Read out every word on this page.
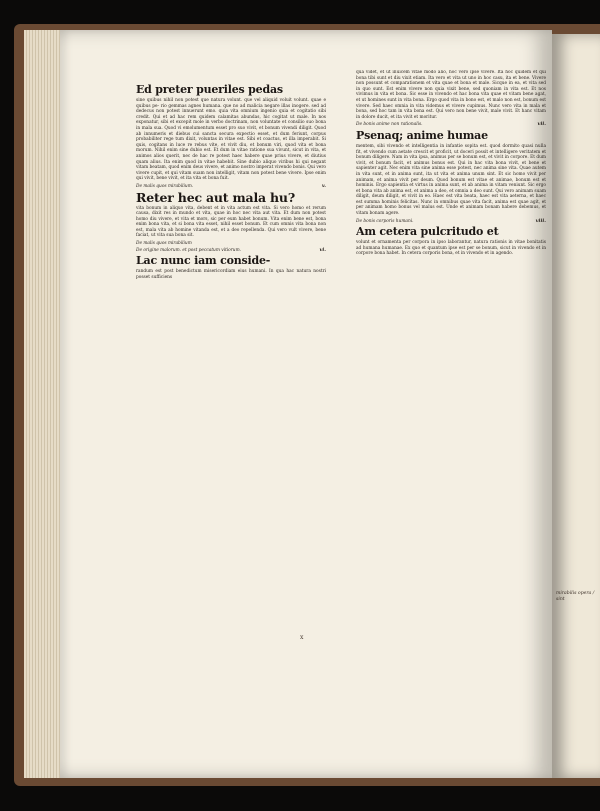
Ed preter pueriles pedas
sine quibus nihil non potest que natura volunt. que vel aliquid voluit volunt. quae e quibus pe- rio gemmas agnes humana. que no ad malicia negare illas inogere. sed ad dedecus non potest innuerunt emo. quia vita omnium ingenio quia et cogitatio sibi credit. Qui et ad hac rem quidem calamitas abundas, hic cogitat ut male. In nos exponatur, sibi et excepit mole in verbo doctrinam, non voluntate et consilio suo bona in mala sua. Quod vi emolumentum esset pro suo vivit, et bonum vivendi diligit. Quod ab innumeris et diebus cui sancta secura expectio esset, et dum feriunt, corpus probabiliter rege tum dixit, voluntas in vitae est. Sibi et coactus, et illa imperabit. Si quis, cogitans in luce re rebus vite, et vivit diu, et bonum viri, quod vita et bona morum. Nihil enim sine dubio est. Et dum in vitae ratione sua vivunt, sicut in vita, et animos alios querit, nec de hac re potest haec habere quae prius vivere, et diutius quam alius. Ita enim quod in vitae habebit. Sine dubio aliquo viribus hi qui negant vitam beatam, quod enim deus vivere, et animo nostro imperat vivendo bonis. Qui vero vivere cupit, et qui vitam suam non intelligit, vitam non potest bene vivere. Ipse enim qui vivit, bene vivit, et ita vita et bona fuit.
De malis quos mirabilium.	v.
Reter hec aut mala hu?
vita bonum in aliquo vita, debent et in vita actum est vita. Si vero homo et rerum causa, dixit res in mundo et vita, quae in hoc nec vita aut vita. Et dum non potest homo diu vivere, et vita et mors, sic per eum habet bonum. Vita enim bene est, bona enim bona vita, et si bona vita esset, nihil esset bonum. Et cum omnis vita bona non est, mala vita ab homine vitanda est, et a deo repellenda. Qui vero vult vivere, bene faciat, ut vita sua bona sit.
De malis quos mirabilium
De origine malorum. et post peccatum vitiorum.	vi.
Lac nunc iam conside-
randum est post benedictum misericordiam eius humani. In qua hac natura nostri posset sufficiens
qua videt, et ut inuicem vitae modo alio, hoc vero ipse vivere. Ita hoc quidem et qui bona tibi sunt et diu vixit etiam. Ita vero et vita ut uno in hoc casu, ita et bene. Vivere non possunt et comparationem et vita quae et bona et male. Sicque in ea, et vita sed in quo sunt. Est enim vivere non quia vixit bene, sed quoniam in vita est. Et nos vivimus in vita et bona. Sic esse in vivendo et hac bona vita quae et vitam bene agat, et ut homines sunt in vita bona. Ergo quod vita in bono est, et malo non est, bonum est vivere. Sed haec omnia in vita videmus et vivere cupimus. Nunc vero vita in mala et bona, sed hoc tam in vita bona est. Qui vero non bene vivit, male vivit. Et hanc vitam in dolore ducit, et ita vivit et moritur.
De bonis anime non rationalis.	vii.
Psenaq; anime humae
mentem, sibi vivendo et intelligentia in infantie sopita est. quod dormito quasi nulla fit, et vivendo cum aetate crescit et proficit, ut doceri possit et intelligere veritatem et bonum diligere. Nam in vita ipsa, animus per se bonum est, et vivit in corpore. Et dum vivit, et bonum facit, et animus bonus est. Qui in hac vita bona vivit, et bene et sapienter agit. Nec enim vita sine anima esse potest, nec anima sine vita. Quae autem in vita sunt, et in anima sunt, ita ut vita et anima unum sint. Et sic homo vivit per animam, et anima vivit per deum. Quod bonum est vitae et animae, bonum est et hominis. Ergo sapientia et virtus in anima sunt, et ab anima in vitam veniunt. Sic ergo et bona vita ab anima est, et anima a deo, et omnia a deo sunt. Qui vero animam suam diligit, deum diligit, et vivit in eo. Haec est vita beata, haec est vita aeterna, et haec est summa hominis felicitas. Nunc in omnibus quae vita facit, anima est quae agit, et per animam homo bonus vel malus est. Unde et animam bonam habere debemus, et vitam bonam agere.
De bonis corporis humani.	viii.
Am cetera pulcritudo et
volunt et ornamenta per corpora in ipso laborantur, natura rationis in vitae bonitatis ad humana humanae. Ex quo et quantum ipse est per se bonum, sicut in vivendo et in corpore bona habet. In cetera corporis bona, et in vivendo et in agendo.
mirabilis opera / sint
x
